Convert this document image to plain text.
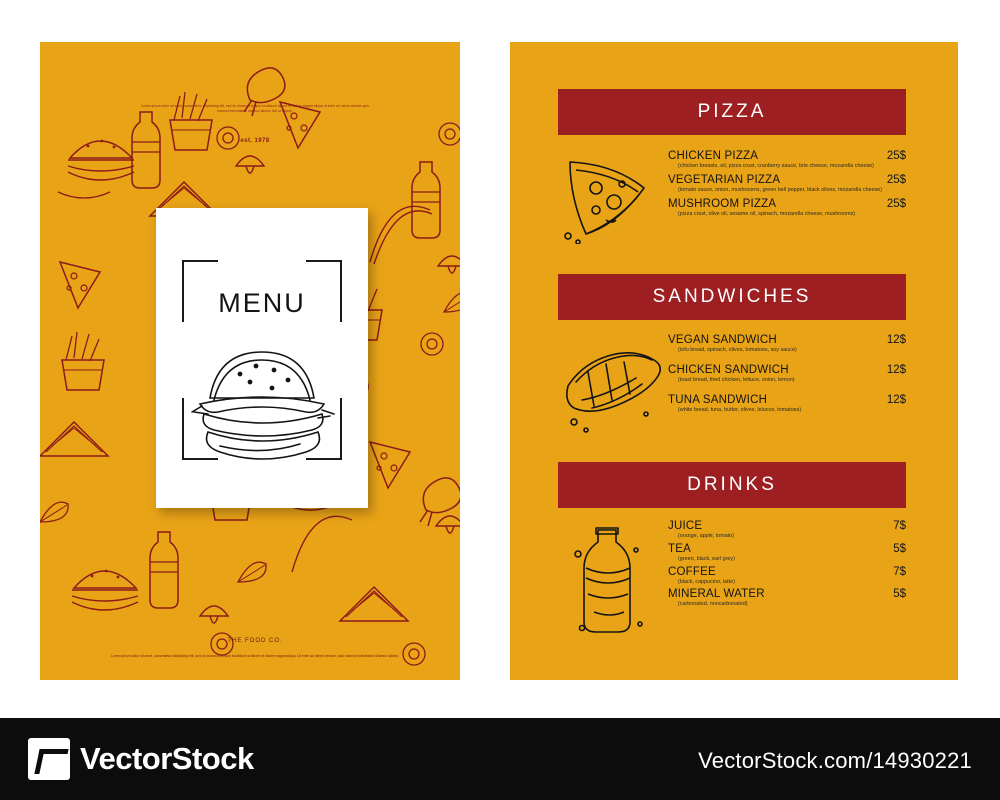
Lorem ipsum dolor sit amet, consectetur adipisicing elit, sed do eiusmod tempor incididunt labore et dolore magna aliqua ut enim ad minim veniam quis nostrud exercitation ullamco laboris nisi ut aliquip.
est. 1978
MENU
THE FOOD CO.
Lorem ipsum dolor sit amet, consectetur adipisicing elit, sed do eiusmod tempor incididunt ut labore et dolore magna aliqua. Ut enim ad minim veniam, quis nostrud exercitation ullamco laboris.
PIZZA
CHICKEN PIZZA	25$
(chicken breasts, oil, pizza crust, cranberry sauce, brie cheese, mozarella cheese)
VEGETARIAN PIZZA	25$
(tomato sauce, onion, mushrooms, green bell pepper, black olives, mozarella cheese)
MUSHROOM PIZZA	25$
(pizza crust, olive oil, sesame oil, spinach, mozarella cheese, mushrooms)
SANDWICHES
VEGAN SANDWICH	12$
(tofu bread, spinach, olives, tomatoes, soy sauce)
CHICKEN SANDWICH	12$
(toast bread, fried chicken, lettuce, onion, lemon)
TUNA SANDWICH	12$
(white bread, tuna, butter, olives, lelucce, tomatoes)
DRINKS
JUICE	7$
(orange, apple, tomato)
TEA	5$
(green, black, earl grey)
COFFEE	7$
(black, cappucino, latte)
MINERAL WATER	5$
(carbonated, noncarbonated)
VectorStock	VectorStock.com/14930221
